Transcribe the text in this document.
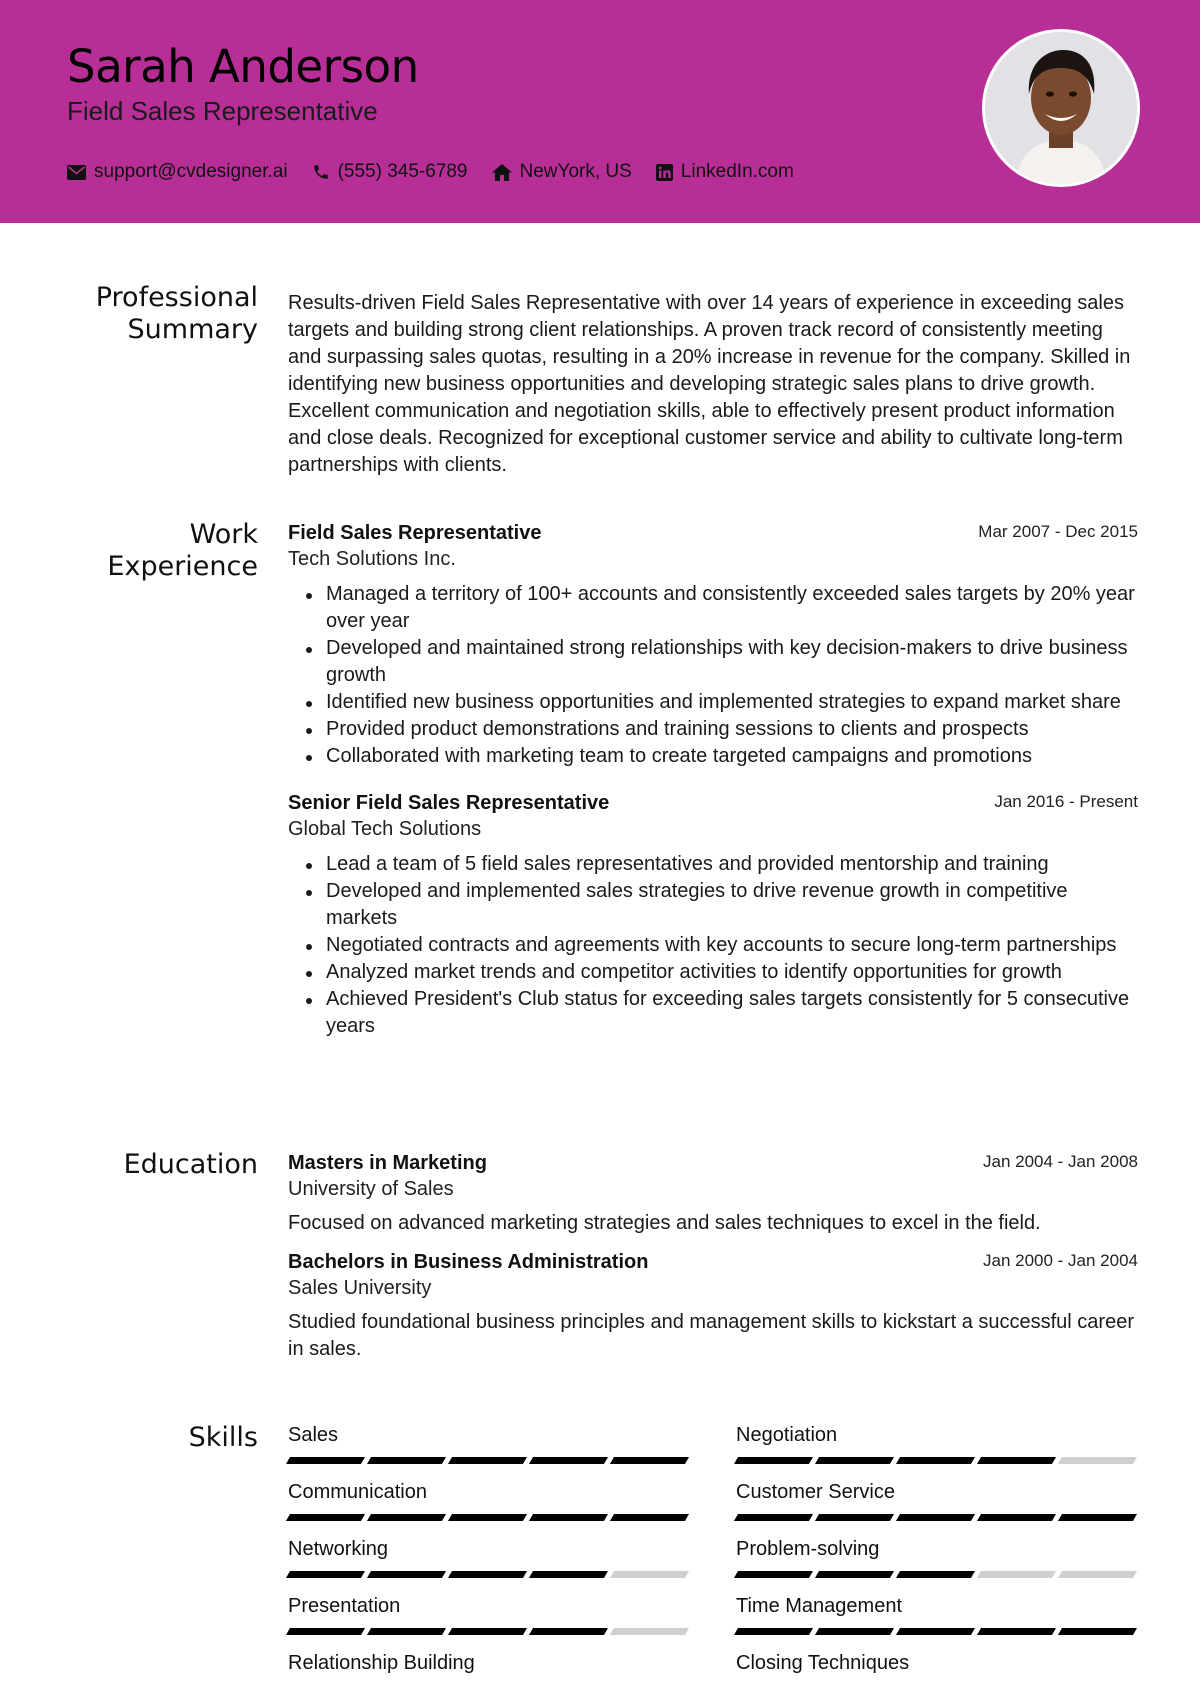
Sarah Anderson
Field Sales Representative
support@cvdesigner.ai	(555) 345-6789	NewYork, US	LinkedIn.com
Professional
Summary

Results-driven Field Sales Representative with over 14 years of experience in exceeding sales targets and building strong client relationships. A proven track record of consistently meeting and surpassing sales quotas, resulting in a 20% increase in revenue for the company. Skilled in identifying new business opportunities and developing strategic sales plans to drive growth. Excellent communication and negotiation skills, able to effectively present product information and close deals. Recognized for exceptional customer service and ability to cultivate long-term partnerships with clients.

Work
Experience
Field Sales Representative	Mar 2007 - Dec 2015
Tech Solutions Inc.
Managed a territory of 100+ accounts and consistently exceeded sales targets by 20% year over year
Developed and maintained strong relationships with key decision-makers to drive business growth
Identified new business opportunities and implemented strategies to expand market share
Provided product demonstrations and training sessions to clients and prospects
Collaborated with marketing team to create targeted campaigns and promotions
Senior Field Sales Representative	Jan 2016 - Present
Global Tech Solutions
Lead a team of 5 field sales representatives and provided mentorship and training
Developed and implemented sales strategies to drive revenue growth in competitive markets
Negotiated contracts and agreements with key accounts to secure long-term partnerships
Analyzed market trends and competitor activities to identify opportunities for growth
Achieved President's Club status for exceeding sales targets consistently for 5 consecutive years
Education Masters in Marketing	Jan 2004 - Jan 2008
University of Sales

Focused on advanced marketing strategies and sales techniques to excel in the field.

Bachelors in Business Administration	Jan 2000 - Jan 2004
Sales University

Studied foundational business principles and management skills to kickstart a successful career in sales.

Skills Sales	Negotiation
Communication	Customer Service
Networking	Problem-solving
Presentation	Time Management
Relationship Building	Closing Techniques
